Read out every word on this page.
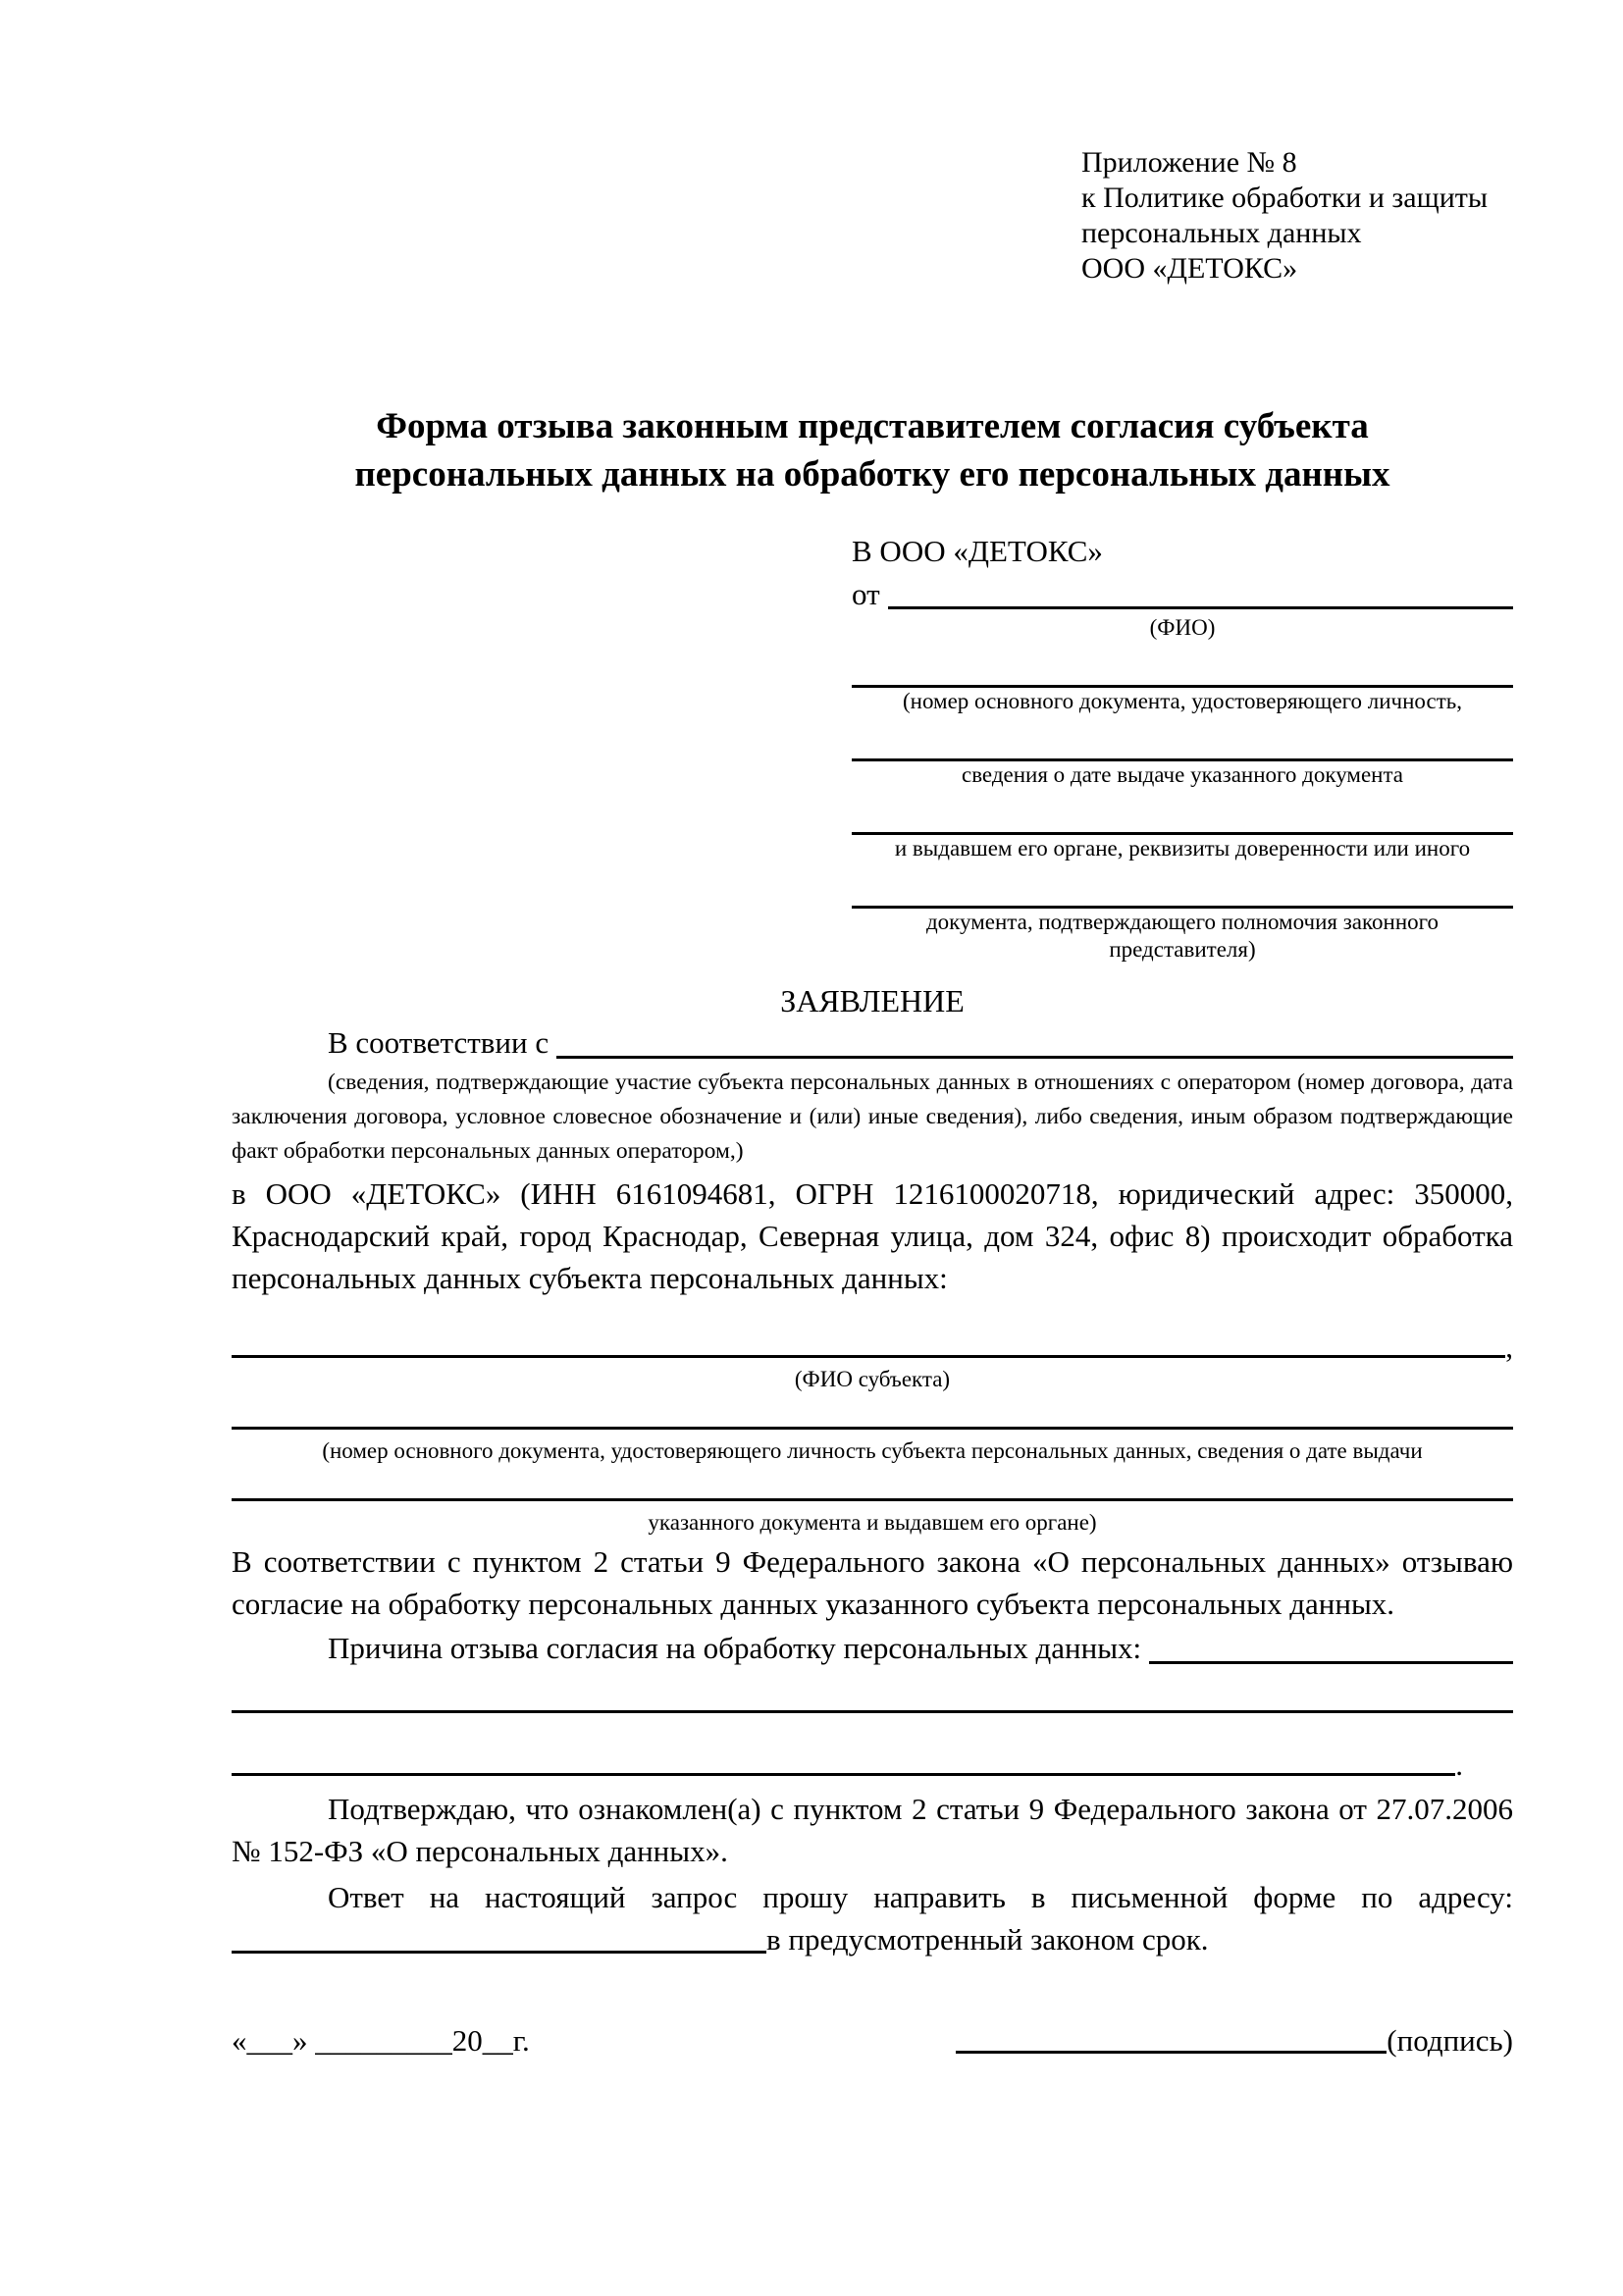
Приложение № 8
к Политике обработки и защиты
персональных данных
ООО «ДЕТОКС»
Форма отзыва законным представителем согласия субъекта
персональных данных на обработку его персональных данных
В ООО «ДЕТОКС»
от
(ФИО)
(номер основного документа, удостоверяющего личность,
сведения о дате выдаче указанного документа
и выдавшем его органе, реквизиты доверенности или иного
документа, подтверждающего полномочия законного представителя)
ЗАЯВЛЕНИЕ
В соответствии с

(сведения, подтверждающие участие субъекта персональных данных в отношениях с оператором (номер договора, дата заключения договора, условное словесное обозначение и (или) иные сведения), либо сведения, иным образом подтверждающие факт обработки персональных данных оператором,)

в ООО «ДЕТОКС» (ИНН 6161094681, ОГРН 1216100020718, юридический адрес: 350000, Краснодарский край, город Краснодар, Северная улица, дом 324, офис 8) происходит обработка персональных данных субъекта персональных данных:

,
(ФИО субъекта)
(номер основного документа, удостоверяющего личность субъекта персональных данных, сведения о дате выдачи
указанного документа и выдавшем его органе)

В соответствии с пунктом 2 статьи 9 Федерального закона «О персональных данных» отзываю согласие на обработку персональных данных указанного субъекта персональных данных.

Причина отзыва согласия на обработку персональных данных:
.

Подтверждаю, что ознакомлен(а) с пунктом 2 статьи 9 Федерального закона от 27.07.2006 № 152-ФЗ «О персональных данных».

Ответ на настоящий запрос прошу направить в письменной форме по адресу: в предусмотренный законом срок.

«___» _________20__г.	(подпись)
